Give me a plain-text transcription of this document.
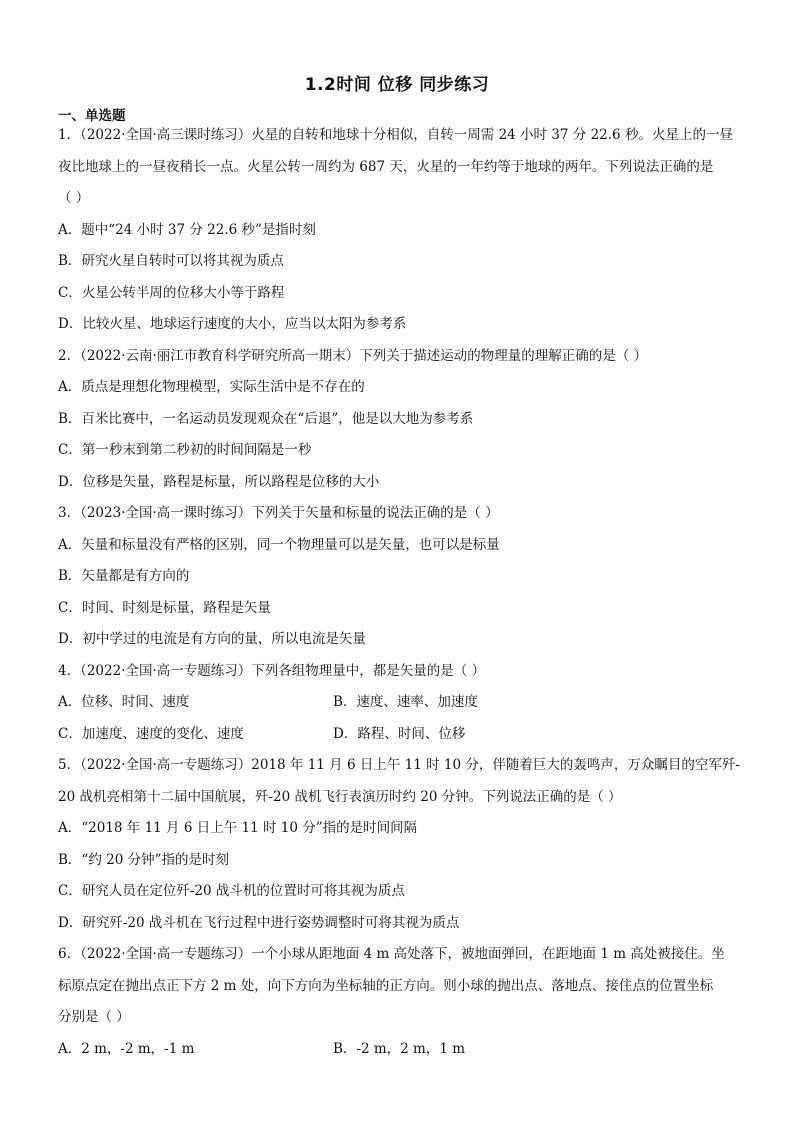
1.2时间 位移 同步练习
一、单选题
1．（2022·全国·高三课时练习）火星的自转和地球十分相似，自转一周需 24 小时 37 分 22.6 秒。火星上的一昼
夜比地球上的一昼夜稍长一点。火星公转一周约为 687 天，火星的一年约等于地球的两年。下列说法正确的是
（ ）
A．题中“24 小时 37 分 22.6 秒”是指时刻
B．研究火星自转时可以将其视为质点
C．火星公转半周的位移大小等于路程
D．比较火星、地球运行速度的大小，应当以太阳为参考系
2．（2022·云南·丽江市教育科学研究所高一期末）下列关于描述运动的物理量的理解正确的是（ ）
A．质点是理想化物理模型，实际生活中是不存在的
B．百米比赛中，一名运动员发现观众在“后退”，他是以大地为参考系
C．第一秒末到第二秒初的时间间隔是一秒
D．位移是矢量，路程是标量，所以路程是位移的大小
3．（2023·全国·高一课时练习）下列关于矢量和标量的说法正确的是（ ）
A．矢量和标量没有严格的区别，同一个物理量可以是矢量，也可以是标量
B．矢量都是有方向的
C．时间、时刻是标量，路程是矢量
D．初中学过的电流是有方向的量，所以电流是矢量
4．（2022·全国·高一专题练习）下列各组物理量中，都是矢量的是（ ）
A．位移、时间、速度	B．速度、速率、加速度
C．加速度、速度的变化、速度	D．路程、时间、位移
5．（2022·全国·高一专题练习）2018 年 11 月 6 日上午 11 时 10 分，伴随着巨大的轰鸣声，万众瞩目的空军歼-
20 战机亮相第十二届中国航展，歼-20 战机飞行表演历时约 20 分钟。下列说法正确的是（ ）
A．“2018 年 11 月 6 日上午 11 时 10 分”指的是时间间隔
B．“约 20 分钟”指的是时刻
C．研究人员在定位歼-20 战斗机的位置时可将其视为质点
D．研究歼-20 战斗机在飞行过程中进行姿势调整时可将其视为质点
6．（2022·全国·高一专题练习）一个小球从距地面 4 m 高处落下，被地面弹回，在距地面 1 m 高处被接住。坐
标原点定在抛出点正下方 2 m 处，向下方向为坐标轴的正方向。则小球的抛出点、落地点、接住点的位置坐标
分别是（ ）
A．2 m，-2 m，-1 m	B．-2 m，2 m，1 m
